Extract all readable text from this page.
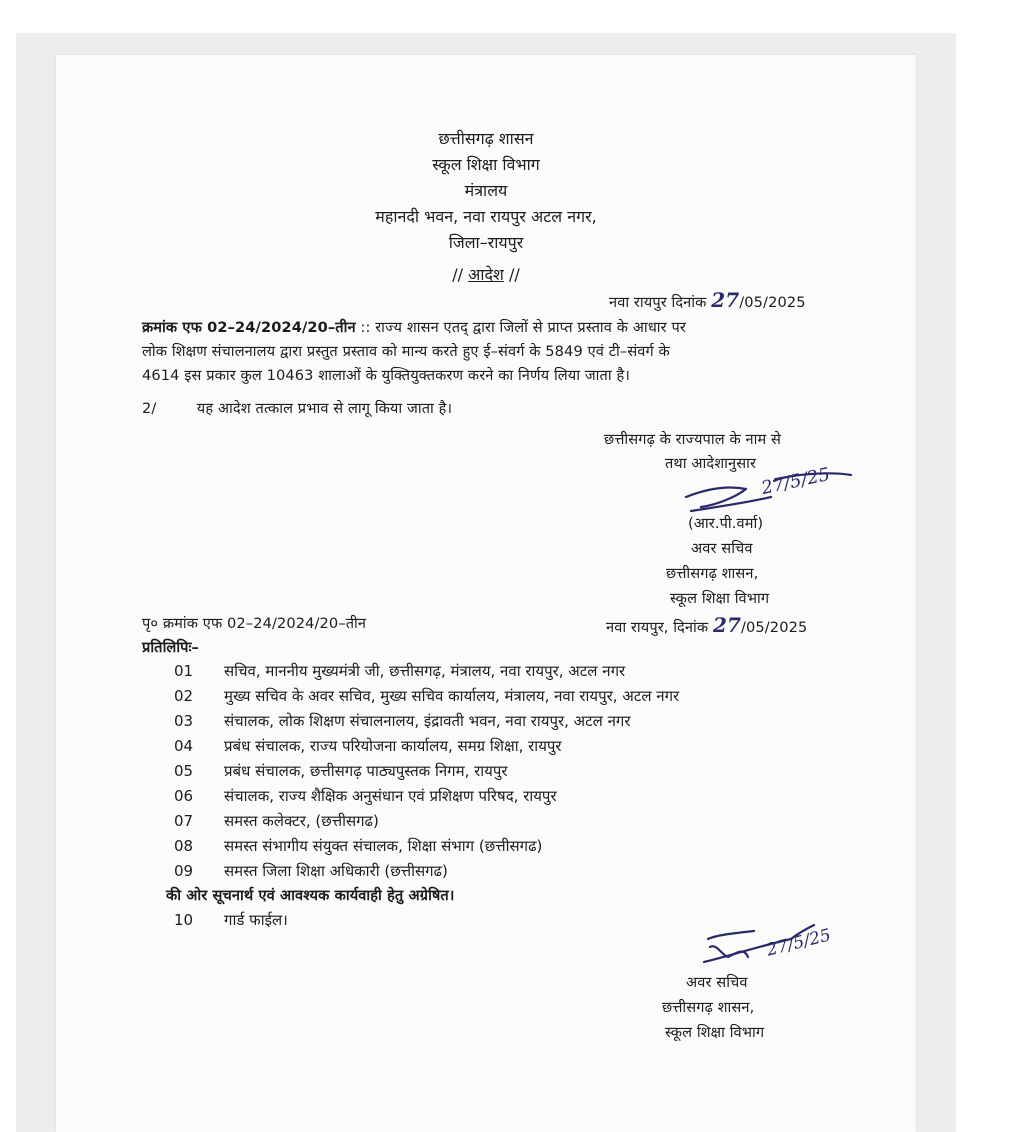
छत्तीसगढ़ शासन
स्कूल शिक्षा विभाग
मंत्रालय
महानदी भवन, नवा रायपुर अटल नगर,
जिला–रायपुर
// आदेश //
नवा रायपुर दिनांक 27/05/2025
क्रमांक एफ 02–24/2024/20–तीन :: राज्य शासन एतद् द्वारा जिलों से प्राप्त प्रस्ताव के आधार पर
लोक शिक्षण संचालनालय द्वारा प्रस्तुत प्रस्ताव को मान्य करते हुए ई–संवर्ग के 5849 एवं टी–संवर्ग के
4614 इस प्रकार कुल 10463 शालाओं के युक्तियुक्तकरण करने का निर्णय लिया जाता है।
2/	यह आदेश तत्काल प्रभाव से लागू किया जाता है।
छत्तीसगढ़ के राज्यपाल के नाम से
तथा आदेशानुसार
27/5/25
(आर.पी.वर्मा)
अवर सचिव
छत्तीसगढ़ शासन,
स्कूल शिक्षा विभाग
पृ० क्रमांक एफ 02–24/2024/20–तीन	नवा रायपुर, दिनांक 27/05/2025
प्रतिलिपिः–
01 सचिव, माननीय मुख्यमंत्री जी, छत्तीसगढ़, मंत्रालय, नवा रायपुर, अटल नगर
02 मुख्य सचिव के अवर सचिव, मुख्य सचिव कार्यालय, मंत्रालय, नवा रायपुर, अटल नगर
03 संचालक, लोक शिक्षण संचालनालय, इंद्रावती भवन, नवा रायपुर, अटल नगर
04 प्रबंध संचालक, राज्य परियोजना कार्यालय, समग्र शिक्षा, रायपुर
05 प्रबंध संचालक, छत्तीसगढ़ पाठ्यपुस्तक निगम, रायपुर
06 संचालक, राज्य शैक्षिक अनुसंधान एवं प्रशिक्षण परिषद, रायपुर
07 समस्त कलेक्टर, (छत्तीसगढ)
08 समस्त संभागीय संयुक्त संचालक, शिक्षा संभाग (छत्तीसगढ)
09 समस्त जिला शिक्षा अधिकारी (छत्तीसगढ)
की ओर सूचनार्थ एवं आवश्यक कार्यवाही हेतु अग्रेषित।
10 गार्ड फाईल।
27/5/25
अवर सचिव
छत्तीसगढ़ शासन,
स्कूल शिक्षा विभाग
